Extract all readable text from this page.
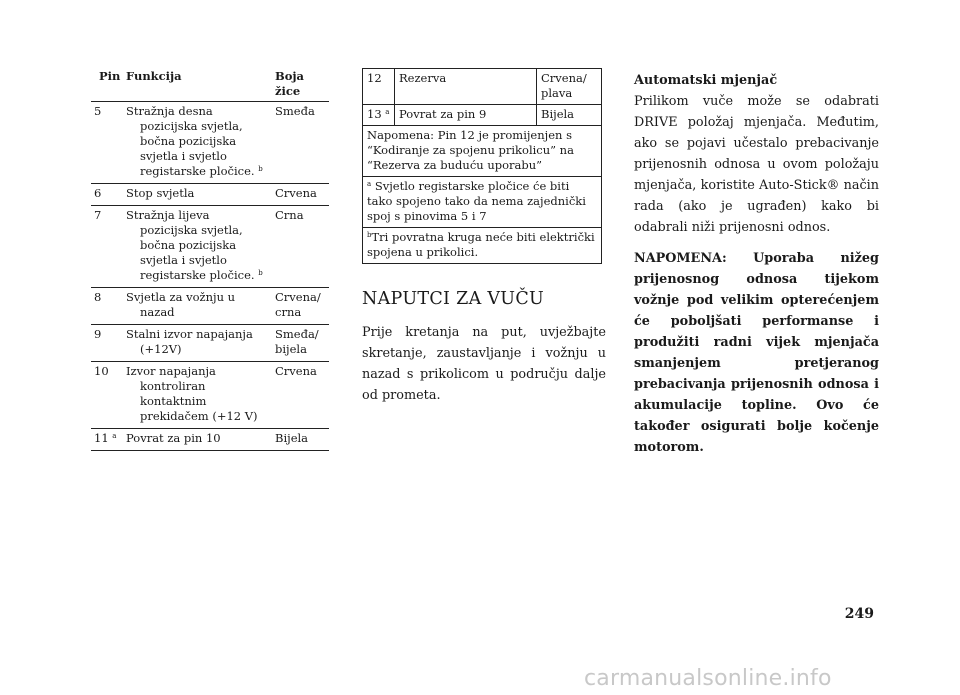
Pin	Funkcija	Boja žice
5	Stražnja desna pozicijska svjetla, bočna pozicijska svjetla i svjetlo registarske pločice. $^b$	Smeđa
6	Stop svjetla	Crvena
7	Stražnja lijeva pozicijska svjetla, bočna pozicijska svjetla i svjetlo registarske pločice. $^b$	Crna
8	Svjetla za vožnju u nazad	Crvena/ crna
9	Stalni izvor napajanja (+12V)	Smeđa/ bijela
10	Izvor napajanja kontroliran kontaktnim prekidačem (+12 V)	Crvena
11 $^a$	Povrat za pin 10	Bijela
12	Rezerva	Crvena/ plava
13 $^a$	Povrat za pin 9	Bijela
Napomena: Pin 12 je promijenjen s “Kodiranje za spojenu prikolicu” na “Rezerva za buduću uporabu”		
$^a$ Svjetlo registarske pločice će biti tako spojeno tako da nema zajednički spoj s pinovima 5 i 7		
$^b$Tri povratna kruga neće biti električki spojena u prikolici.		
NAPUTCI ZA VUČU
Prije kretanja na put, uvježbajte skretanje, zaustavljanje i vožnju u nazad s prikolicom u području dalje od prometa.
Automatski mjenjač

Prilikom vuče može se odabrati DRIVE položaj mjenjača. Međutim, ako se pojavi učestalo prebacivanje prijenosnih odnosa u ovom položaju mjenjača, koristite Auto-Stick® način rada (ako je ugrađen) kako bi odabrali niži prijenosni odnos.

NAPOMENA: Uporaba nižeg prijenosnog odnosa tijekom vožnje pod velikim opterećenjem će poboljšati performanse i produžiti radni vijek mjenjača smanjenjem pretjeranog prebacivanja prijenosnih odnosa i akumulacije topline. Ovo će također osigurati bolje kočenje motorom.

249
carmanualsonline.info
